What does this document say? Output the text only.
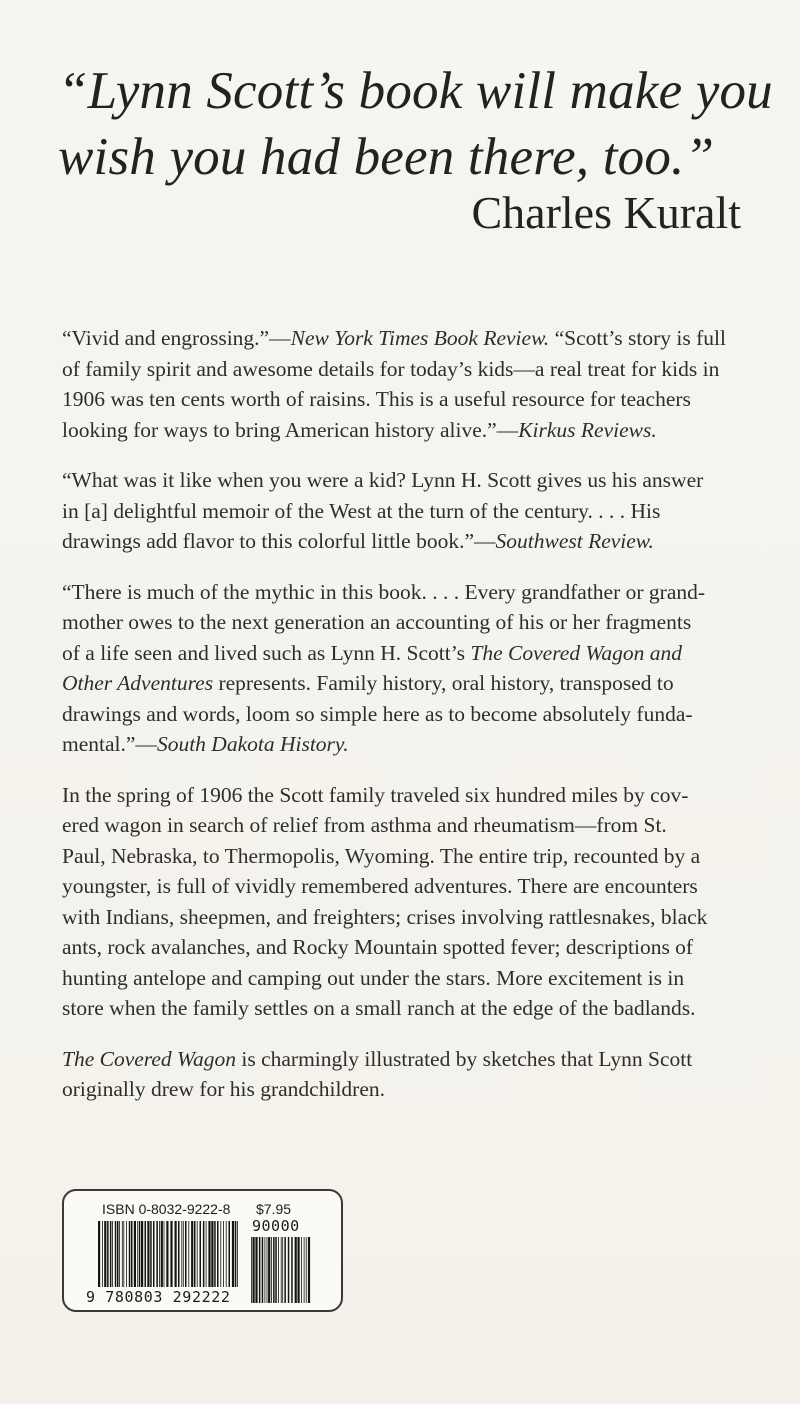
“Lynn Scott’s book will make you
wish you had been there, too.”
Charles Kuralt

“Vivid and engrossing.”—New York Times Book Review. “Scott’s story is full
of family spirit and awesome details for today’s kids—a real treat for kids in
1906 was ten cents worth of raisins. This is a useful resource for teachers
looking for ways to bring American history alive.”—Kirkus Reviews.

“What was it like when you were a kid? Lynn H. Scott gives us his answer
in [a] delightful memoir of the West at the turn of the century. . . . His
drawings add flavor to this colorful little book.”—Southwest Review.

“There is much of the mythic in this book. . . . Every grandfather or grand-
mother owes to the next generation an accounting of his or her fragments
of a life seen and lived such as Lynn H. Scott’s The Covered Wagon and
Other Adventures represents. Family history, oral history, transposed to
drawings and words, loom so simple here as to become absolutely funda-
mental.”—South Dakota History.

In the spring of 1906 the Scott family traveled six hundred miles by cov-
ered wagon in search of relief from asthma and rheumatism—from St.
Paul, Nebraska, to Thermopolis, Wyoming. The entire trip, recounted by a
youngster, is full of vividly remembered adventures. There are encounters
with Indians, sheepmen, and freighters; crises involving rattlesnakes, black
ants, rock avalanches, and Rocky Mountain spotted fever; descriptions of
hunting antelope and camping out under the stars. More excitement is in
store when the family settles on a small ranch at the edge of the badlands.

The Covered Wagon is charmingly illustrated by sketches that Lynn Scott
originally drew for his grandchildren.

ISBN 0-8032-9222-8 $7.95
90000
9 780803 292222
